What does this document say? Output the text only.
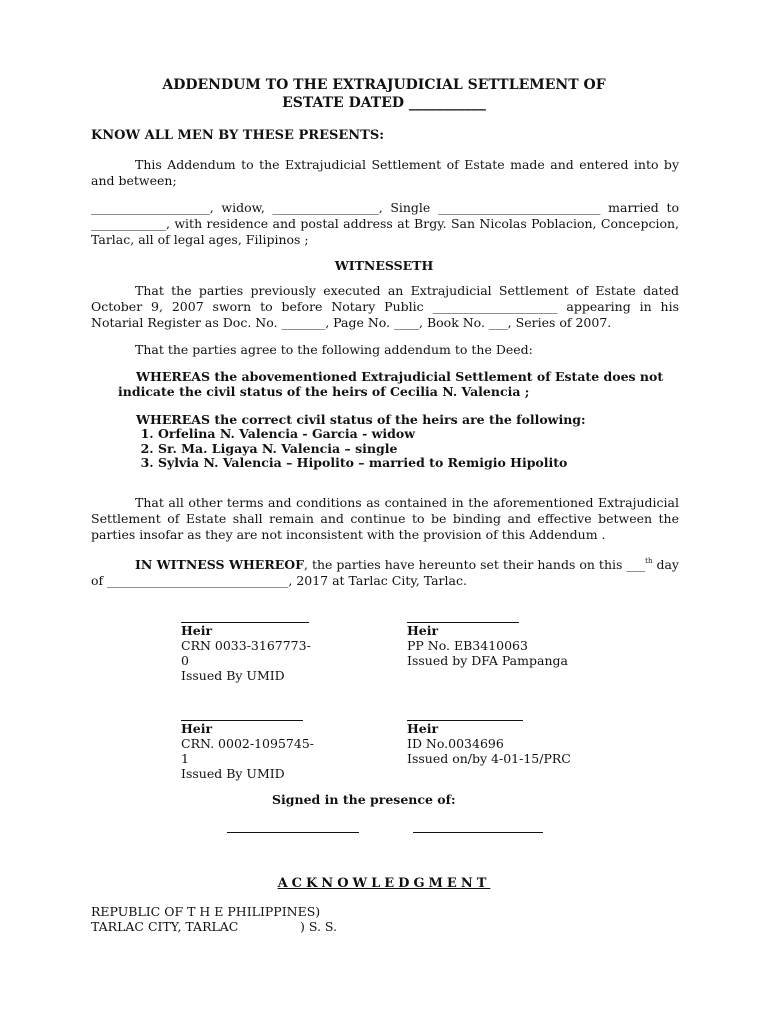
ADDENDUM TO THE EXTRAJUDICIAL SETTLEMENT OF
ESTATE DATED ___________
KNOW ALL MEN BY THESE PRESENTS:
This Addendum to the Extrajudicial Settlement of Estate made and entered into by and between;
___________________, widow, _________________, Single __________________________ married to ____________, with residence and postal address at Brgy. San Nicolas Poblacion, Concepcion, Tarlac, all of legal ages, Filipinos ;
WITNESSETH
That the parties previously executed an Extrajudicial Settlement of Estate dated October 9, 2007 sworn to before Notary Public ____________________ appearing in his Notarial Register as Doc. No. _______, Page No. ____, Book No. ___, Series of 2007.
That the parties agree to the following addendum to the Deed:
WHEREAS the abovementioned Extrajudicial Settlement of Estate does not indicate the civil status of the heirs of Cecilia N. Valencia ;
WHEREAS the correct civil status of the heirs are the following:
1. Orfelina N. Valencia - Garcia - widow
2. Sr. Ma. Ligaya N. Valencia – single
3. Sylvia N. Valencia – Hipolito – married to Remigio Hipolito
That all other terms and conditions as contained in the aforementioned Extrajudicial Settlement of Estate shall remain and continue to be binding and effective between the parties insofar as they are not inconsistent with the provision of this Addendum .
IN WITNESS WHEREOF, the parties have hereunto set their hands on this ___$^{th}$ day of _____________________________, 2017 at Tarlac City, Tarlac.
Heir
CRN 0033-3167773-0
Issued By UMID
Heir
PP No. EB3410063
Issued by DFA Pampanga
Heir
CRN. 0002-1095745-1
Issued By UMID
Heir
ID No.0034696
Issued on/by 4-01-15/PRC
Signed in the presence of:
ACKNOWLEDGMENT
REPUBLIC OF T H E PHILIPPINES)
TARLAC CITY, TARLAC	) S. S.
